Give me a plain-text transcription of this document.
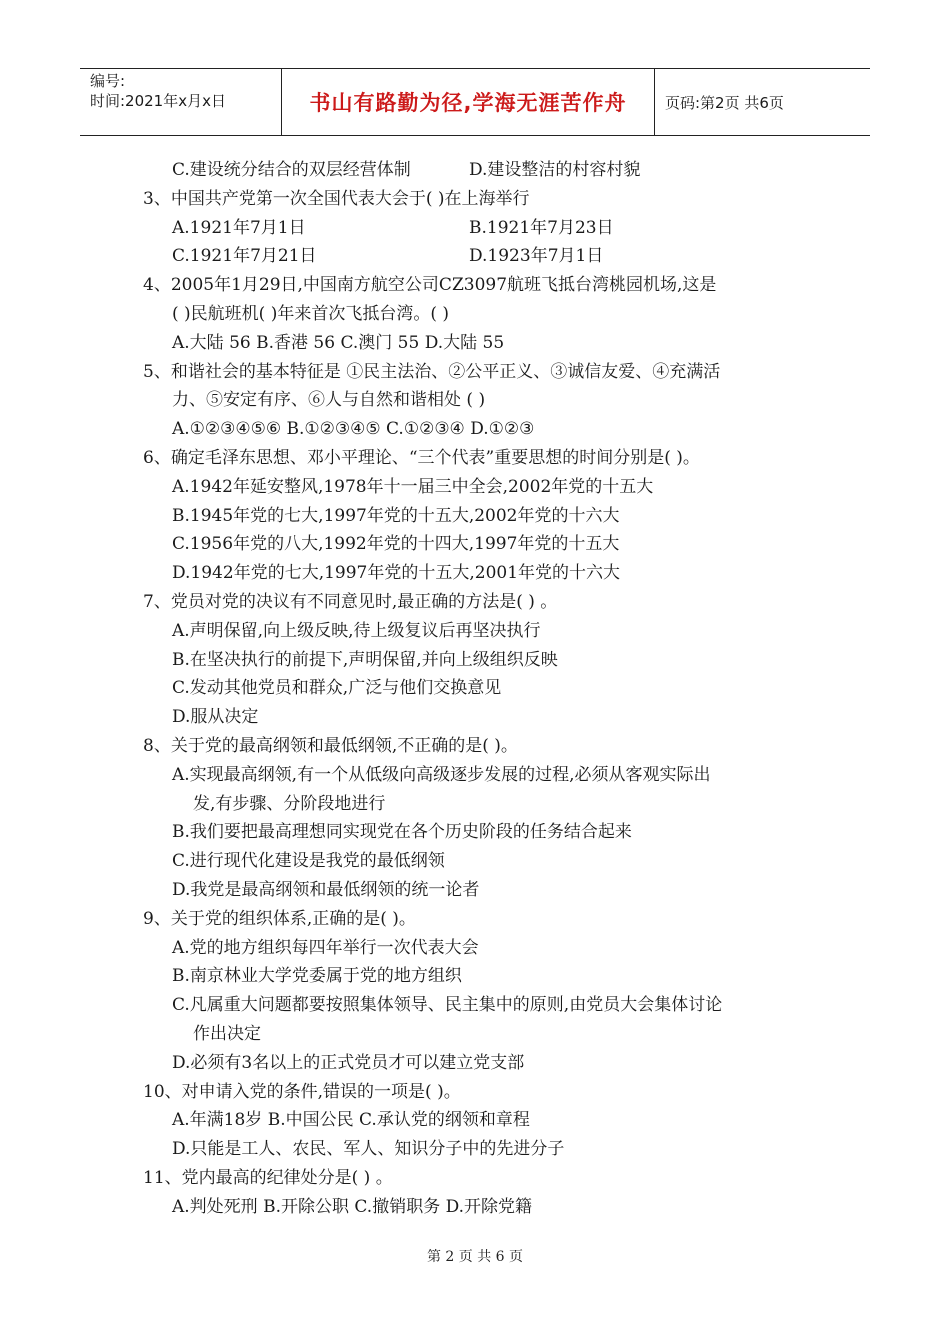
编号:
时间:2021年x月x日	书山有路勤为径,学海无涯苦作舟	页码:第2页 共6页
C.建设统分结合的双层经营体制	D.建设整洁的村容村貌
3、中国共产党第一次全国代表大会于( )在上海举行
A.1921年7月1日	B.1921年7月23日
C.1921年7月21日	D.1923年7月1日
4、2005年1月29日,中国南方航空公司CZ3097航班飞抵台湾桃园机场,这是
( )民航班机( )年来首次飞抵台湾。( )
A.大陆 56 B.香港 56 C.澳门 55 D.大陆 55
5、和谐社会的基本特征是 ①民主法治、②公平正义、③诚信友爱、④充满活
力、⑤安定有序、⑥人与自然和谐相处 ( )
A.①②③④⑤⑥ B.①②③④⑤ C.①②③④ D.①②③
6、确定毛泽东思想、邓小平理论、“三个代表”重要思想的时间分别是( )。
A.1942年延安整风,1978年十一届三中全会,2002年党的十五大
B.1945年党的七大,1997年党的十五大,2002年党的十六大
C.1956年党的八大,1992年党的十四大,1997年党的十五大
D.1942年党的七大,1997年党的十五大,2001年党的十六大
7、党员对党的决议有不同意见时,最正确的方法是( ) 。
A.声明保留,向上级反映,待上级复议后再坚决执行
B.在坚决执行的前提下,声明保留,并向上级组织反映
C.发动其他党员和群众,广泛与他们交换意见
D.服从决定
8、关于党的最高纲领和最低纲领,不正确的是( )。
A.实现最高纲领,有一个从低级向高级逐步发展的过程,必须从客观实际出
发,有步骤、分阶段地进行
B.我们要把最高理想同实现党在各个历史阶段的任务结合起来
C.进行现代化建设是我党的最低纲领
D.我党是最高纲领和最低纲领的统一论者
9、关于党的组织体系,正确的是( )。
A.党的地方组织每四年举行一次代表大会
B.南京林业大学党委属于党的地方组织
C.凡属重大问题都要按照集体领导、民主集中的原则,由党员大会集体讨论
作出决定
D.必须有3名以上的正式党员才可以建立党支部
10、对申请入党的条件,错误的一项是( )。
A.年满18岁 B.中国公民 C.承认党的纲领和章程
D.只能是工人、农民、军人、知识分子中的先进分子
11、党内最高的纪律处分是( ) 。
A.判处死刑 B.开除公职 C.撤销职务 D.开除党籍
第 2 页 共 6 页
